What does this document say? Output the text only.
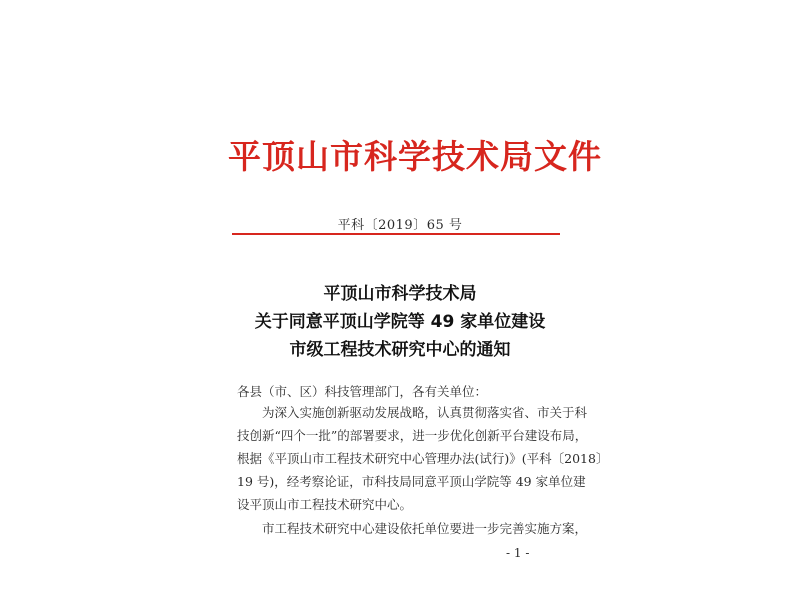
平顶山市科学技术局文件
平科〔2019〕65 号
平顶山市科学技术局
关于同意平顶山学院等 49 家单位建设
市级工程技术研究中心的通知
各县（市、区）科技管理部门，各有关单位：
为深入实施创新驱动发展战略，认真贯彻落实省、市关于科
技创新“四个一批”的部署要求，进一步优化创新平台建设布局，
根据《平顶山市工程技术研究中心管理办法(试行)》(平科〔2018〕
19 号)，经考察论证，市科技局同意平顶山学院等 49 家单位建
设平顶山市工程技术研究中心。
市工程技术研究中心建设依托单位要进一步完善实施方案，
- 1 -
